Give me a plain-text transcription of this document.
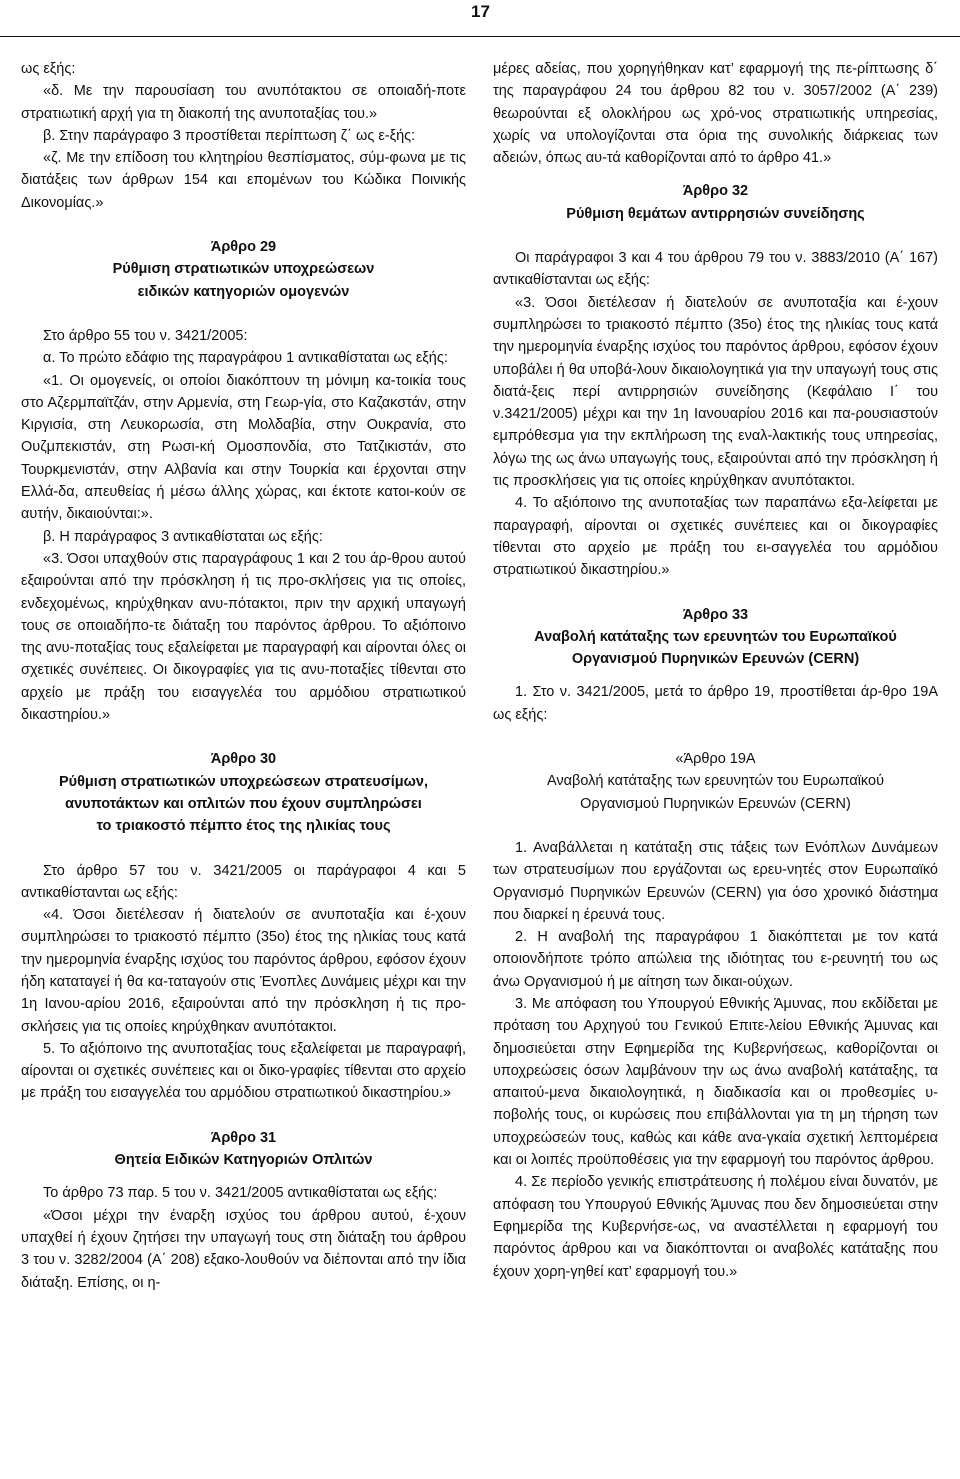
17

ως εξής:

«δ. Με την παρουσίαση του ανυπότακτου σε οποιαδή-ποτε στρατιωτική αρχή για τη διακοπή της ανυποταξίας του.»

β. Στην παράγραφο 3 προστίθεται περίπτωση ζ΄ ως ε-ξής:

«ζ. Με την επίδοση του κλητηρίου θεσπίσματος, σύμ-φωνα με τις διατάξεις των άρθρων 154 και επομένων του Κώδικα Ποινικής Δικονομίας.»

Άρθρο 29

Ρύθμιση στρατιωτικών υποχρεώσεων

ειδικών κατηγοριών ομογενών

Στο άρθρο 55 του ν. 3421/2005:

α. Το πρώτο εδάφιο της παραγράφου 1 αντικαθίσταται ως εξής:

«1. Οι ομογενείς, οι οποίοι διακόπτουν τη μόνιμη κα-τοικία τους στο Αζερμπαϊτζάν, στην Αρμενία, στη Γεωρ-γία, στο Καζακστάν, στην Κιργισία, στη Λευκορωσία, στη Μολδαβία, στην Ουκρανία, στο Ουζμπεκιστάν, στη Ρωσι-κή Ομοσπονδία, στο Τατζικιστάν, στο Τουρκμενιστάν, στην Αλβανία και στην Τουρκία και έρχονται στην Ελλά-δα, απευθείας ή μέσω άλλης χώρας, και έκτοτε κατοι-κούν σε αυτήν, δικαιούνται:».

β. Η παράγραφος 3 αντικαθίσταται ως εξής:

«3. Όσοι υπαχθούν στις παραγράφους 1 και 2 του άρ-θρου αυτού εξαιρούνται από την πρόσκληση ή τις προ-σκλήσεις για τις οποίες, ενδεχομένως, κηρύχθηκαν ανυ-πότακτοι, πριν την αρχική υπαγωγή τους σε οποιαδήπο-τε διάταξη του παρόντος άρθρου. Το αξιόποινο της ανυ-ποταξίας τους εξαλείφεται με παραγραφή και αίρονται όλες οι σχετικές συνέπειες. Οι δικογραφίες για τις ανυ-ποταξίες τίθενται στο αρχείο με πράξη του εισαγγελέα του αρμόδιου στρατιωτικού δικαστηρίου.»

Άρθρο 30

Ρύθμιση στρατιωτικών υποχρεώσεων στρατευσίμων,

ανυποτάκτων και οπλιτών που έχουν συμπληρώσει

το τριακοστό πέμπτο έτος της ηλικίας τους

Στο άρθρο 57 του ν. 3421/2005 οι παράγραφοι 4 και 5 αντικαθίστανται ως εξής:

«4. Όσοι διετέλεσαν ή διατελούν σε ανυποταξία και έ-χουν συμπληρώσει το τριακοστό πέμπτο (35ο) έτος της ηλικίας τους κατά την ημερομηνία έναρξης ισχύος του παρόντος άρθρου, εφόσον έχουν ήδη καταταγεί ή θα κα-ταταγούν στις Ένοπλες Δυνάμεις μέχρι και την 1η Ιανου-αρίου 2016, εξαιρούνται από την πρόσκληση ή τις προ-σκλήσεις για τις οποίες κηρύχθηκαν ανυπότακτοι.

5. Το αξιόποινο της ανυποταξίας τους εξαλείφεται με παραγραφή, αίρονται οι σχετικές συνέπειες και οι δικο-γραφίες τίθενται στο αρχείο με πράξη του εισαγγελέα του αρμόδιου στρατιωτικού δικαστηρίου.»

Άρθρο 31

Θητεία Ειδικών Κατηγοριών Οπλιτών

Το άρθρο 73 παρ. 5 του ν. 3421/2005 αντικαθίσταται ως εξής:

«Όσοι μέχρι την έναρξη ισχύος του άρθρου αυτού, έ-χουν υπαχθεί ή έχουν ζητήσει την υπαγωγή τους στη διάταξη του άρθρου 3 του ν. 3282/2004 (Α΄ 208) εξακο-λουθούν να διέπονται από την ίδια διάταξη. Επίσης, οι η-

μέρες αδείας, που χορηγήθηκαν κατ’ εφαρμογή της πε-ρίπτωσης δ΄ της παραγράφου 24 του άρθρου 82 του ν. 3057/2002 (Α΄ 239) θεωρούνται εξ ολοκλήρου ως χρό-νος στρατιωτικής υπηρεσίας, χωρίς να υπολογίζονται στα όρια της συνολικής διάρκειας των αδειών, όπως αυ-τά καθορίζονται από το άρθρο 41.»

Άρθρο 32

Ρύθμιση θεμάτων αντιρρησιών συνείδησης

Οι παράγραφοι 3 και 4 του άρθρου 79 του ν. 3883/2010 (Α΄ 167) αντικαθίστανται ως εξής:

«3. Όσοι διετέλεσαν ή διατελούν σε ανυποταξία και έ-χουν συμπληρώσει το τριακοστό πέμπτο (35ο) έτος της ηλικίας τους κατά την ημερομηνία έναρξης ισχύος του παρόντος άρθρου, εφόσον έχουν υποβάλει ή θα υποβά-λουν δικαιολογητικά για την υπαγωγή τους στις διατά-ξεις περί αντιρρησιών συνείδησης (Κεφάλαιο Ι΄ του ν.3421/2005) μέχρι και την 1η Ιανουαρίου 2016 και πα-ρουσιαστούν εμπρόθεσμα για την εκπλήρωση της εναλ-λακτικής τους υπηρεσίας, λόγω της ως άνω υπαγωγής τους, εξαιρούνται από την πρόσκληση ή τις προσκλήσεις για τις οποίες κηρύχθηκαν ανυπότακτοι.

4. Το αξιόποινο της ανυποταξίας των παραπάνω εξα-λείφεται με παραγραφή, αίρονται οι σχετικές συνέπειες και οι δικογραφίες τίθενται στο αρχείο με πράξη του ει-σαγγελέα του αρμόδιου στρατιωτικού δικαστηρίου.»

Άρθρο 33

Αναβολή κατάταξης των ερευνητών του Ευρωπαϊκού

Οργανισμού Πυρηνικών Ερευνών (CERN)

1. Στο ν. 3421/2005, μετά το άρθρο 19, προστίθεται άρ-θρο 19Α ως εξής:

«Άρθρο 19Α

Αναβολή κατάταξης των ερευνητών του Ευρωπαϊκού

Οργανισμού Πυρηνικών Ερευνών (CERN)

1. Αναβάλλεται η κατάταξη στις τάξεις των Ενόπλων Δυνάμεων των στρατευσίμων που εργάζονται ως ερευ-νητές στον Ευρωπαϊκό Οργανισμό Πυρηνικών Ερευνών (CERN) για όσο χρονικό διάστημα που διαρκεί η έρευνά τους.

2. Η αναβολή της παραγράφου 1 διακόπτεται με τον κατά οποιονδήποτε τρόπο απώλεια της ιδιότητας του ε-ρευνητή του ως άνω Οργανισμού ή με αίτηση των δικαι-ούχων.

3. Με απόφαση του Υπουργού Εθνικής Άμυνας, που εκδίδεται με πρόταση του Αρχηγού του Γενικού Επιτε-λείου Εθνικής Άμυνας και δημοσιεύεται στην Εφημερίδα της Κυβερνήσεως, καθορίζονται οι υποχρεώσεις όσων λαμβάνουν την ως άνω αναβολή κατάταξης, τα απαιτού-μενα δικαιολογητικά, η διαδικασία και οι προθεσμίες υ-ποβολής τους, οι κυρώσεις που επιβάλλονται για τη μη τήρηση των υποχρεώσεών τους, καθώς και κάθε ανα-γκαία σχετική λεπτομέρεια και οι λοιπές προϋποθέσεις για την εφαρμογή του παρόντος άρθρου.

4. Σε περίοδο γενικής επιστράτευσης ή πολέμου είναι δυνατόν, με απόφαση του Υπουργού Εθνικής Άμυνας που δεν δημοσιεύεται στην Εφημερίδα της Κυβερνήσε-ως, να αναστέλλεται η εφαρμογή του παρόντος άρθρου και να διακόπτονται οι αναβολές κατάταξης που έχουν χορη-γηθεί κατ’ εφαρμογή του.»
